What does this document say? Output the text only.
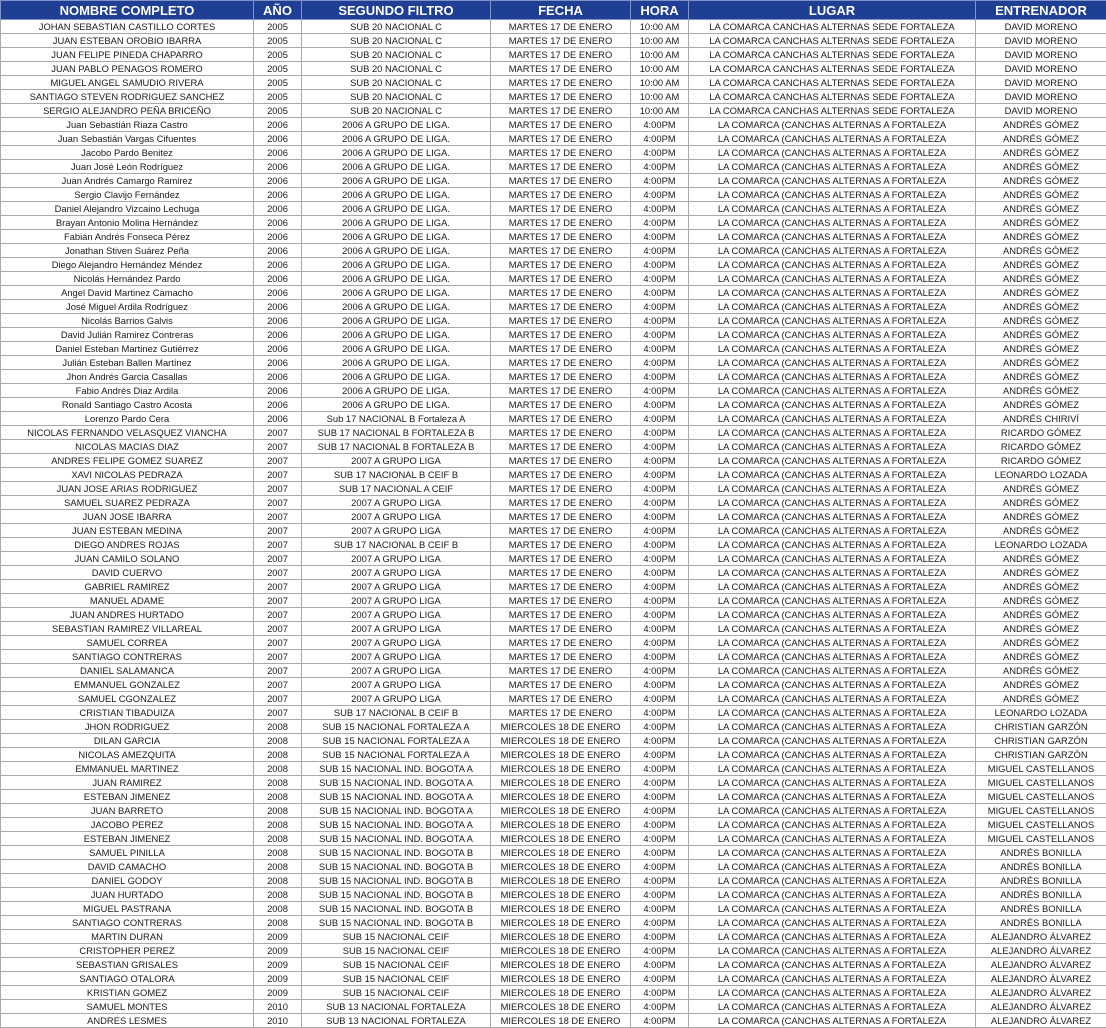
NOMBRE COMPLETO	AÑO	SEGUNDO FILTRO	FECHA	HORA	LUGAR	ENTRENADOR
JOHAN SEBASTIAN CASTILLO CORTES	2005	SUB 20 NACIONAL C	MARTES 17 DE ENERO	10:00 AM	LA COMARCA CANCHAS ALTERNAS SEDE FORTALEZA	DAVID MORENO
JUAN ESTEBAN OROBIO IBARRA	2005	SUB 20 NACIONAL C	MARTES 17 DE ENERO	10:00 AM	LA COMARCA CANCHAS ALTERNAS SEDE FORTALEZA	DAVID MORENO
JUAN FELIPE PINEDA CHAPARRO	2005	SUB 20 NACIONAL C	MARTES 17 DE ENERO	10:00 AM	LA COMARCA CANCHAS ALTERNAS SEDE FORTALEZA	DAVID MORENO
JUAN PABLO PENAGOS ROMERO	2005	SUB 20 NACIONAL C	MARTES 17 DE ENERO	10:00 AM	LA COMARCA CANCHAS ALTERNAS SEDE FORTALEZA	DAVID MORENO
MIGUEL ANGEL SAMUDIO RIVERA	2005	SUB 20 NACIONAL C	MARTES 17 DE ENERO	10:00 AM	LA COMARCA CANCHAS ALTERNAS SEDE FORTALEZA	DAVID MORENO
SANTIAGO STEVEN RODRIGUEZ SANCHEZ	2005	SUB 20 NACIONAL C	MARTES 17 DE ENERO	10:00 AM	LA COMARCA CANCHAS ALTERNAS SEDE FORTALEZA	DAVID MORENO
SERGIO ALEJANDRO PEÑA BRICEÑO	2005	SUB 20 NACIONAL C	MARTES 17 DE ENERO	10:00 AM	LA COMARCA CANCHAS ALTERNAS SEDE FORTALEZA	DAVID MORENO
Juan Sebastián Riaza Castro	2006	2006 A GRUPO DE LIGA.	MARTES 17 DE ENERO	4:00PM	LA COMARCA (CANCHAS ALTERNAS A FORTALEZA	ANDRÉS GÓMEZ
Juan Sebastián Vargas Cifuentes	2006	2006 A GRUPO DE LIGA.	MARTES 17 DE ENERO	4:00PM	LA COMARCA (CANCHAS ALTERNAS A FORTALEZA	ANDRÉS GÓMEZ
Jacobo Pardo Benitez	2006	2006 A GRUPO DE LIGA.	MARTES 17 DE ENERO	4:00PM	LA COMARCA (CANCHAS ALTERNAS A FORTALEZA	ANDRÉS GÓMEZ
Juan José León Rodríguez	2006	2006 A GRUPO DE LIGA.	MARTES 17 DE ENERO	4:00PM	LA COMARCA (CANCHAS ALTERNAS A FORTALEZA	ANDRÉS GÓMEZ
Juan Andrés Camargo Ramirez	2006	2006 A GRUPO DE LIGA.	MARTES 17 DE ENERO	4:00PM	LA COMARCA (CANCHAS ALTERNAS A FORTALEZA	ANDRÉS GÓMEZ
Sergio Clavijo Fernández	2006	2006 A GRUPO DE LIGA.	MARTES 17 DE ENERO	4:00PM	LA COMARCA (CANCHAS ALTERNAS A FORTALEZA	ANDRÉS GÓMEZ
Daniel Alejandro Vizcaino Lechuga	2006	2006 A GRUPO DE LIGA.	MARTES 17 DE ENERO	4:00PM	LA COMARCA (CANCHAS ALTERNAS A FORTALEZA	ANDRÉS GÓMEZ
Brayan Antonio Molina Hernández	2006	2006 A GRUPO DE LIGA.	MARTES 17 DE ENERO	4:00PM	LA COMARCA (CANCHAS ALTERNAS A FORTALEZA	ANDRÉS GÓMEZ
Fabián Andrés Fonseca Pérez	2006	2006 A GRUPO DE LIGA.	MARTES 17 DE ENERO	4:00PM	LA COMARCA (CANCHAS ALTERNAS A FORTALEZA	ANDRÉS GÓMEZ
Jonathan Stiven Suárez Peña	2006	2006 A GRUPO DE LIGA.	MARTES 17 DE ENERO	4:00PM	LA COMARCA (CANCHAS ALTERNAS A FORTALEZA	ANDRÉS GÓMEZ
Diego Alejandro Hernández Méndez	2006	2006 A GRUPO DE LIGA.	MARTES 17 DE ENERO	4:00PM	LA COMARCA (CANCHAS ALTERNAS A FORTALEZA	ANDRÉS GÓMEZ
Nicolás Hernández Pardo	2006	2006 A GRUPO DE LIGA.	MARTES 17 DE ENERO	4:00PM	LA COMARCA (CANCHAS ALTERNAS A FORTALEZA	ANDRÉS GÓMEZ
Angel David Martinez Camacho	2006	2006 A GRUPO DE LIGA.	MARTES 17 DE ENERO	4:00PM	LA COMARCA (CANCHAS ALTERNAS A FORTALEZA	ANDRÉS GÓMEZ
José Miguel Ardila Rodríguez	2006	2006 A GRUPO DE LIGA.	MARTES 17 DE ENERO	4:00PM	LA COMARCA (CANCHAS ALTERNAS A FORTALEZA	ANDRÉS GÓMEZ
Nicolás Barrios Galvis	2006	2006 A GRUPO DE LIGA.	MARTES 17 DE ENERO	4:00PM	LA COMARCA (CANCHAS ALTERNAS A FORTALEZA	ANDRÉS GÓMEZ
David Julián Ramirez Contreras	2006	2006 A GRUPO DE LIGA.	MARTES 17 DE ENERO	4:00PM	LA COMARCA (CANCHAS ALTERNAS A FORTALEZA	ANDRÉS GÓMEZ
Daniel Esteban Martinez Gutiérrez	2006	2006 A GRUPO DE LIGA.	MARTES 17 DE ENERO	4:00PM	LA COMARCA (CANCHAS ALTERNAS A FORTALEZA	ANDRÉS GÓMEZ
Julián Esteban Ballen Martínez	2006	2006 A GRUPO DE LIGA.	MARTES 17 DE ENERO	4:00PM	LA COMARCA (CANCHAS ALTERNAS A FORTALEZA	ANDRÉS GÓMEZ
Jhon Andrés Garcia Casallas	2006	2006 A GRUPO DE LIGA.	MARTES 17 DE ENERO	4:00PM	LA COMARCA (CANCHAS ALTERNAS A FORTALEZA	ANDRÉS GÓMEZ
Fabio Andrés Diaz Ardila	2006	2006 A GRUPO DE LIGA.	MARTES 17 DE ENERO	4:00PM	LA COMARCA (CANCHAS ALTERNAS A FORTALEZA	ANDRÉS GÓMEZ
Ronald Santiago Castro Acosta	2006	2006 A GRUPO DE LIGA.	MARTES 17 DE ENERO	4:00PM	LA COMARCA (CANCHAS ALTERNAS A FORTALEZA	ANDRÉS GÓMEZ
Lorenzo Pardo Cera	2006	Sub 17 NACIONAL B Fortaleza A	MARTES 17 DE ENERO	4:00PM	LA COMARCA (CANCHAS ALTERNAS A FORTALEZA	ANDRÉS CHIRIVÍ
NICOLAS FERNANDO VELASQUEZ VIANCHA	2007	SUB 17 NACIONAL B FORTALEZA B	MARTES 17 DE ENERO	4:00PM	LA COMARCA (CANCHAS ALTERNAS A FORTALEZA	RICARDO GÓMEZ
NICOLAS MACIAS DIAZ	2007	SUB 17 NACIONAL B FORTALEZA B	MARTES 17 DE ENERO	4:00PM	LA COMARCA (CANCHAS ALTERNAS A FORTALEZA	RICARDO GÓMEZ
ANDRES FELIPE GOMEZ SUAREZ	2007	2007 A GRUPO LIGA	MARTES 17 DE ENERO	4:00PM	LA COMARCA (CANCHAS ALTERNAS A FORTALEZA	RICARDO GÓMEZ
XAVI NICOLAS PEDRAZA	2007	SUB 17 NACIONAL B CEIF B	MARTES 17 DE ENERO	4:00PM	LA COMARCA (CANCHAS ALTERNAS A FORTALEZA	LEONARDO LOZADA
JUAN JOSE ARIAS RODRIGUEZ	2007	SUB 17 NACIONAL A CEIF	MARTES 17 DE ENERO	4:00PM	LA COMARCA (CANCHAS ALTERNAS A FORTALEZA	ANDRÉS GÓMEZ
SAMUEL SUAREZ PEDRAZA	2007	2007 A GRUPO LIGA	MARTES 17 DE ENERO	4:00PM	LA COMARCA (CANCHAS ALTERNAS A FORTALEZA	ANDRÉS GÓMEZ
JUAN JOSE IBARRA	2007	2007 A GRUPO LIGA	MARTES 17 DE ENERO	4:00PM	LA COMARCA (CANCHAS ALTERNAS A FORTALEZA	ANDRÉS GÓMEZ
JUAN ESTEBAN MEDINA	2007	2007 A GRUPO LIGA	MARTES 17 DE ENERO	4:00PM	LA COMARCA (CANCHAS ALTERNAS A FORTALEZA	ANDRÉS GÓMEZ
DIEGO ANDRES ROJAS	2007	SUB 17 NACIONAL B CEIF B	MARTES 17 DE ENERO	4:00PM	LA COMARCA (CANCHAS ALTERNAS A FORTALEZA	LEONARDO LOZADA
JUAN CAMILO SOLANO	2007	2007 A GRUPO LIGA	MARTES 17 DE ENERO	4:00PM	LA COMARCA (CANCHAS ALTERNAS A FORTALEZA	ANDRÉS GÓMEZ
DAVID CUERVO	2007	2007 A GRUPO LIGA	MARTES 17 DE ENERO	4:00PM	LA COMARCA (CANCHAS ALTERNAS A FORTALEZA	ANDRÉS GÓMEZ
GABRIEL RAMIREZ	2007	2007 A GRUPO LIGA	MARTES 17 DE ENERO	4:00PM	LA COMARCA (CANCHAS ALTERNAS A FORTALEZA	ANDRÉS GÓMEZ
MANUEL ADAME	2007	2007 A GRUPO LIGA	MARTES 17 DE ENERO	4:00PM	LA COMARCA (CANCHAS ALTERNAS A FORTALEZA	ANDRÉS GÓMEZ
JUAN ANDRES HURTADO	2007	2007 A GRUPO LIGA	MARTES 17 DE ENERO	4:00PM	LA COMARCA (CANCHAS ALTERNAS A FORTALEZA	ANDRÉS GÓMEZ
SEBASTIAN RAMIREZ VILLAREAL	2007	2007 A GRUPO LIGA	MARTES 17 DE ENERO	4:00PM	LA COMARCA (CANCHAS ALTERNAS A FORTALEZA	ANDRÉS GÓMEZ
SAMUEL CORREA	2007	2007 A GRUPO LIGA	MARTES 17 DE ENERO	4:00PM	LA COMARCA (CANCHAS ALTERNAS A FORTALEZA	ANDRÉS GÓMEZ
SANTIAGO CONTRERAS	2007	2007 A GRUPO LIGA	MARTES 17 DE ENERO	4:00PM	LA COMARCA (CANCHAS ALTERNAS A FORTALEZA	ANDRÉS GÓMEZ
DANIEL SALAMANCA	2007	2007 A GRUPO LIGA	MARTES 17 DE ENERO	4:00PM	LA COMARCA (CANCHAS ALTERNAS A FORTALEZA	ANDRÉS GÓMEZ
EMMANUEL GONZALEZ	2007	2007 A GRUPO LIGA	MARTES 17 DE ENERO	4:00PM	LA COMARCA (CANCHAS ALTERNAS A FORTALEZA	ANDRÉS GÓMEZ
SAMUEL CGONZALEZ	2007	2007 A GRUPO LIGA	MARTES 17 DE ENERO	4:00PM	LA COMARCA (CANCHAS ALTERNAS A FORTALEZA	ANDRÉS GÓMEZ
CRISTIAN TIBADUIZA	2007	SUB 17 NACIONAL B CEIF B	MARTES 17 DE ENERO	4:00PM	LA COMARCA (CANCHAS ALTERNAS A FORTALEZA	LEONARDO LOZADA
JHON RODRIGUEZ	2008	SUB 15 NACIONAL FORTALEZA A	MIERCOLES 18 DE ENERO	4:00PM	LA COMARCA (CANCHAS ALTERNAS A FORTALEZA	CHRISTIAN GARZÓN
DILAN GARCIA	2008	SUB 15 NACIONAL FORTALEZA A	MIERCOLES 18 DE ENERO	4:00PM	LA COMARCA (CANCHAS ALTERNAS A FORTALEZA	CHRISTIAN GARZÓN
NICOLAS AMEZQUITA	2008	SUB 15 NACIONAL FORTALEZA A	MIERCOLES 18 DE ENERO	4:00PM	LA COMARCA (CANCHAS ALTERNAS A FORTALEZA	CHRISTIAN GARZÓN
EMMANUEL MARTINEZ	2008	SUB 15 NACIONAL IND. BOGOTA A	MIERCOLES 18 DE ENERO	4:00PM	LA COMARCA (CANCHAS ALTERNAS A FORTALEZA	MIGUEL CASTELLANOS
JUAN RAMIREZ	2008	SUB 15 NACIONAL IND. BOGOTA A	MIERCOLES 18 DE ENERO	4:00PM	LA COMARCA (CANCHAS ALTERNAS A FORTALEZA	MIGUEL CASTELLANOS
ESTEBAN JIMENEZ	2008	SUB 15 NACIONAL IND. BOGOTA A	MIERCOLES 18 DE ENERO	4:00PM	LA COMARCA (CANCHAS ALTERNAS A FORTALEZA	MIGUEL CASTELLANOS
JUAN BARRETO	2008	SUB 15 NACIONAL IND. BOGOTA A	MIERCOLES 18 DE ENERO	4:00PM	LA COMARCA (CANCHAS ALTERNAS A FORTALEZA	MIGUEL CASTELLANOS
JACOBO PEREZ	2008	SUB 15 NACIONAL IND. BOGOTA A	MIERCOLES 18 DE ENERO	4:00PM	LA COMARCA (CANCHAS ALTERNAS A FORTALEZA	MIGUEL CASTELLANOS
ESTEBAN JIMENEZ	2008	SUB 15 NACIONAL IND. BOGOTA A	MIERCOLES 18 DE ENERO	4:00PM	LA COMARCA (CANCHAS ALTERNAS A FORTALEZA	MIGUEL CASTELLANOS
SAMUEL PINILLA	2008	SUB 15 NACIONAL IND. BOGOTA B	MIERCOLES 18 DE ENERO	4:00PM	LA COMARCA (CANCHAS ALTERNAS A FORTALEZA	ANDRÉS BONILLA
DAVID CAMACHO	2008	SUB 15 NACIONAL IND. BOGOTA B	MIERCOLES 18 DE ENERO	4:00PM	LA COMARCA (CANCHAS ALTERNAS A FORTALEZA	ANDRÉS BONILLA
DANIEL GODOY	2008	SUB 15 NACIONAL IND. BOGOTA B	MIERCOLES 18 DE ENERO	4:00PM	LA COMARCA (CANCHAS ALTERNAS A FORTALEZA	ANDRÉS BONILLA
JUAN HURTADO	2008	SUB 15 NACIONAL IND. BOGOTA B	MIERCOLES 18 DE ENERO	4:00PM	LA COMARCA (CANCHAS ALTERNAS A FORTALEZA	ANDRÉS BONILLA
MIGUEL PASTRANA	2008	SUB 15 NACIONAL IND. BOGOTA B	MIERCOLES 18 DE ENERO	4:00PM	LA COMARCA (CANCHAS ALTERNAS A FORTALEZA	ANDRÉS BONILLA
SANTIAGO CONTRERAS	2008	SUB 15 NACIONAL IND. BOGOTA B	MIERCOLES 18 DE ENERO	4:00PM	LA COMARCA (CANCHAS ALTERNAS A FORTALEZA	ANDRÉS BONILLA
MARTIN DURAN	2009	SUB 15 NACIONAL CEIF	MIERCOLES 18 DE ENERO	4:00PM	LA COMARCA (CANCHAS ALTERNAS A FORTALEZA	ALEJANDRO ÁLVAREZ
CRISTOPHER PEREZ	2009	SUB 15 NACIONAL CEIF	MIERCOLES 18 DE ENERO	4:00PM	LA COMARCA (CANCHAS ALTERNAS A FORTALEZA	ALEJANDRO ÁLVAREZ
SEBASTIAN GRISALES	2009	SUB 15 NACIONAL CEIF	MIERCOLES 18 DE ENERO	4:00PM	LA COMARCA (CANCHAS ALTERNAS A FORTALEZA	ALEJANDRO ÁLVAREZ
SANTIAGO OTALORA	2009	SUB 15 NACIONAL CEIF	MIERCOLES 18 DE ENERO	4:00PM	LA COMARCA (CANCHAS ALTERNAS A FORTALEZA	ALEJANDRO ÁLVAREZ
KRISTIAN GOMEZ	2009	SUB 15 NACIONAL CEIF	MIERCOLES 18 DE ENERO	4:00PM	LA COMARCA (CANCHAS ALTERNAS A FORTALEZA	ALEJANDRO ÁLVAREZ
SAMUEL MONTES	2010	SUB 13 NACIONAL FORTALEZA	MIERCOLES 18 DE ENERO	4:00PM	LA COMARCA (CANCHAS ALTERNAS A FORTALEZA	ALEJANDRO ÁLVAREZ
ANDRES LESMES	2010	SUB 13 NACIONAL FORTALEZA	MIERCOLES 18 DE ENERO	4:00PM	LA COMARCA (CANCHAS ALTERNAS A FORTALEZA	ALEJANDRO ÁLVAREZ
